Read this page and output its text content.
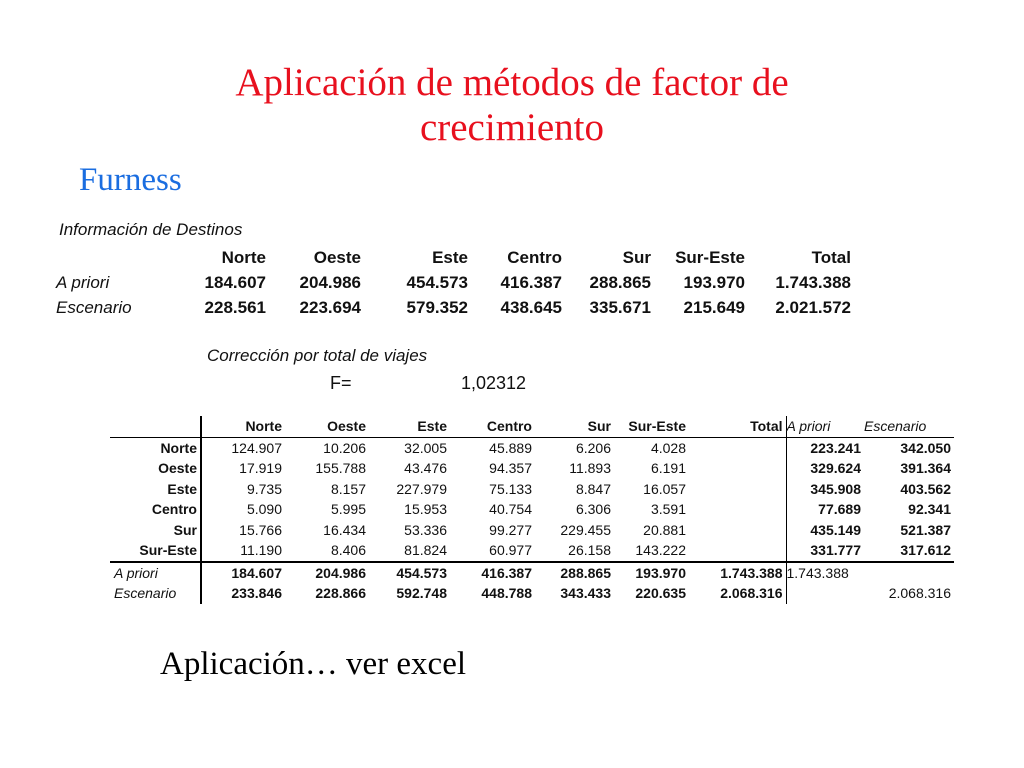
Aplicación de métodos de factor de crecimiento
Furness
Información de Destinos
	Norte	Oeste	Este	Centro	Sur	Sur-Este	Total
A priori	184.607	204.986	454.573	416.387	288.865	193.970	1.743.388
Escenario	228.561	223.694	579.352	438.645	335.671	215.649	2.021.572
Corrección por total de viajes
F=	1,02312
	Norte	Oeste	Este	Centro	Sur	Sur-Este	Total	A priori	Escenario
Norte	124.907	10.206	32.005	45.889	6.206	4.028		223.241	342.050
Oeste	17.919	155.788	43.476	94.357	11.893	6.191		329.624	391.364
Este	9.735	8.157	227.979	75.133	8.847	16.057		345.908	403.562
Centro	5.090	5.995	15.953	40.754	6.306	3.591		77.689	92.341
Sur	15.766	16.434	53.336	99.277	229.455	20.881		435.149	521.387
Sur-Este	11.190	8.406	81.824	60.977	26.158	143.222		331.777	317.612
A priori	184.607	204.986	454.573	416.387	288.865	193.970	1.743.388	1.743.388	
Escenario	233.846	228.866	592.748	448.788	343.433	220.635	2.068.316		2.068.316
Aplicación… ver excel
